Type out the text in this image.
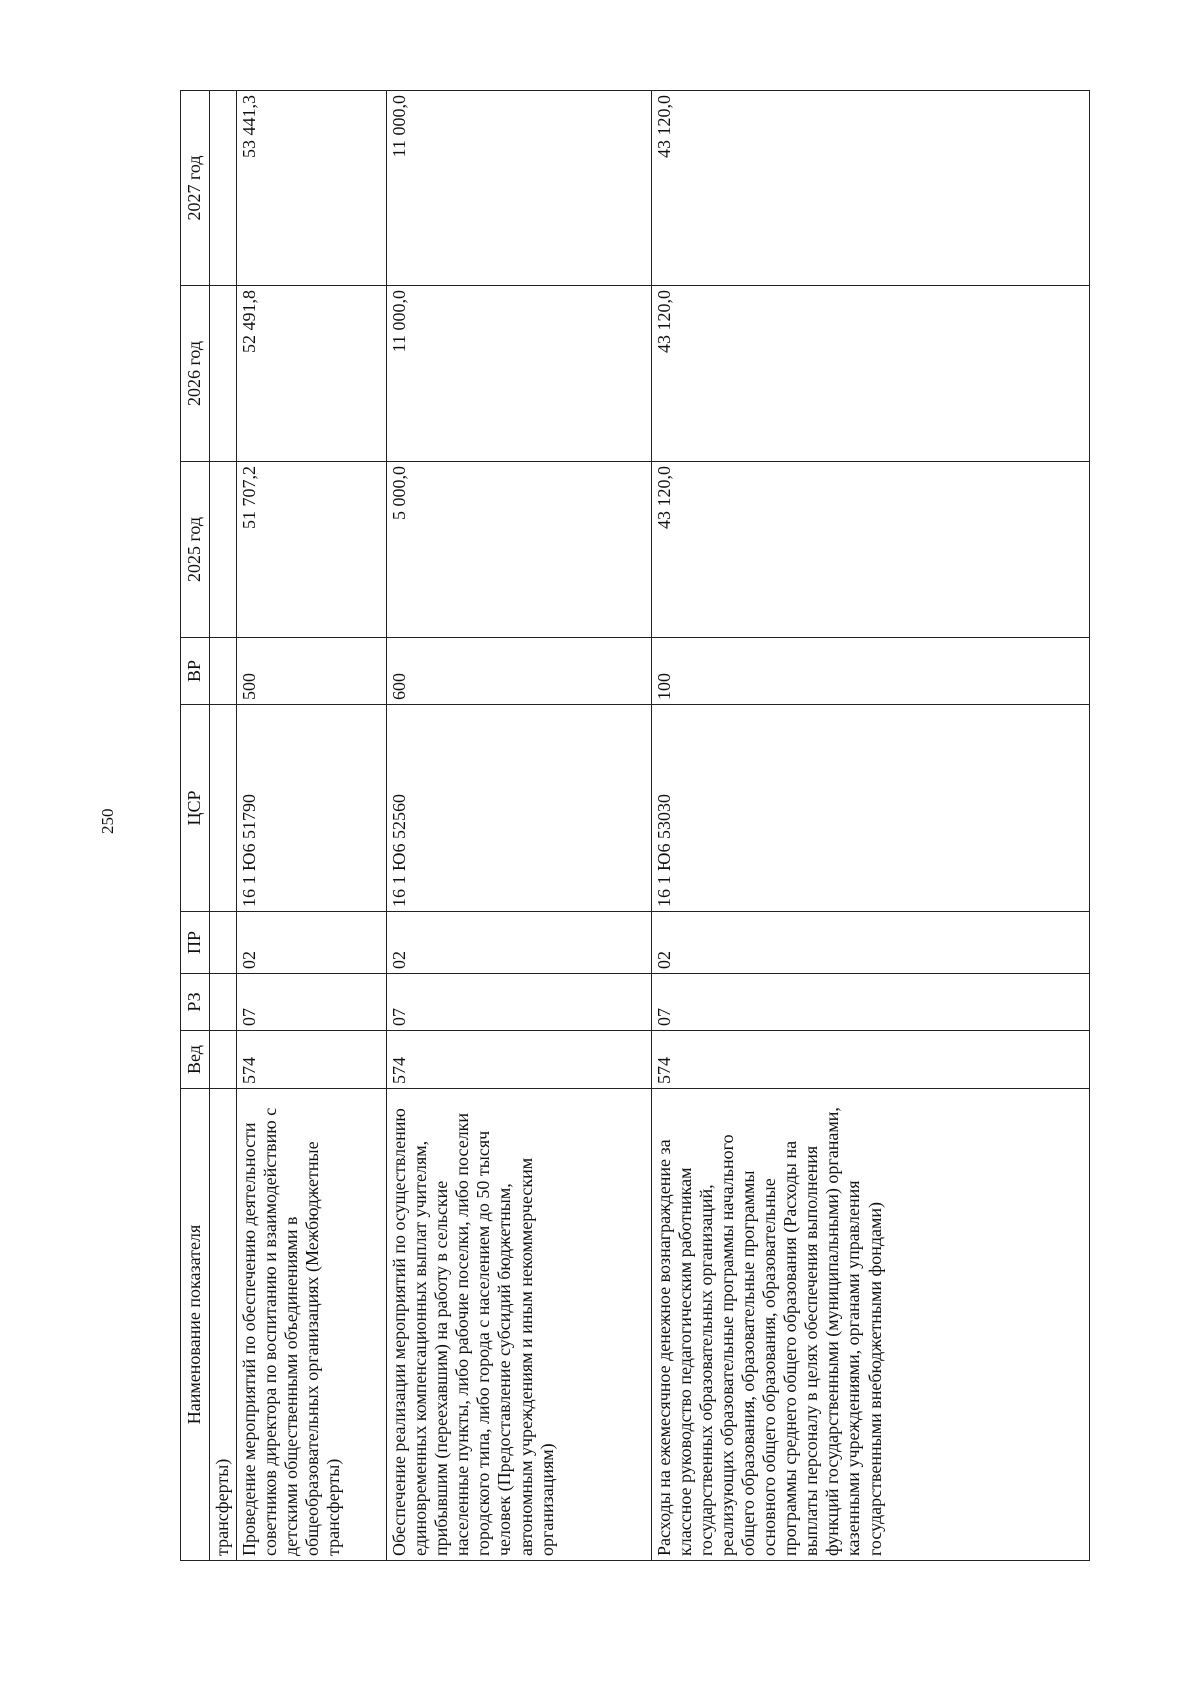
250
Наименование показателя	Вед	РЗ	ПР	ЦСР	ВР	2025 год	2026 год	2027 год
трансферты)								
Проведение мероприятий по обеспечению деятельности советников директора по воспитанию и взаимодействию с детскими общественными объединениями в общеобразовательных организациях (Межбюджетные трансферты)	574	07	02	16 1 Ю6 51790	500	51 707,2	52 491,8	53 441,3
Обеспечение реализации мероприятий по осуществлению единовременных компенсационных выплат учителям, прибывшим (переехавшим) на работу в сельские населенные пункты, либо рабочие поселки, либо поселки городского типа, либо города с населением до 50 тысяч человек (Предоставление субсидий бюджетным, автономным учреждениям и иным некоммерческим организациям)	574	07	02	16 1 Ю6 52560	600	5 000,0	11 000,0	11 000,0
Расходы на ежемесячное денежное вознаграждение за классное руководство педагогическим работникам государственных образовательных организаций, реализующих образовательные программы начального общего образования, образовательные программы основного общего образования, образовательные программы среднего общего образования (Расходы на выплаты персоналу в целях обеспечения выполнения функций государственными (муниципальными) органами, казенными учреждениями, органами управления государственными внебюджетными фондами)	574	07	02	16 1 Ю6 53030	100	43 120,0	43 120,0	43 120,0
